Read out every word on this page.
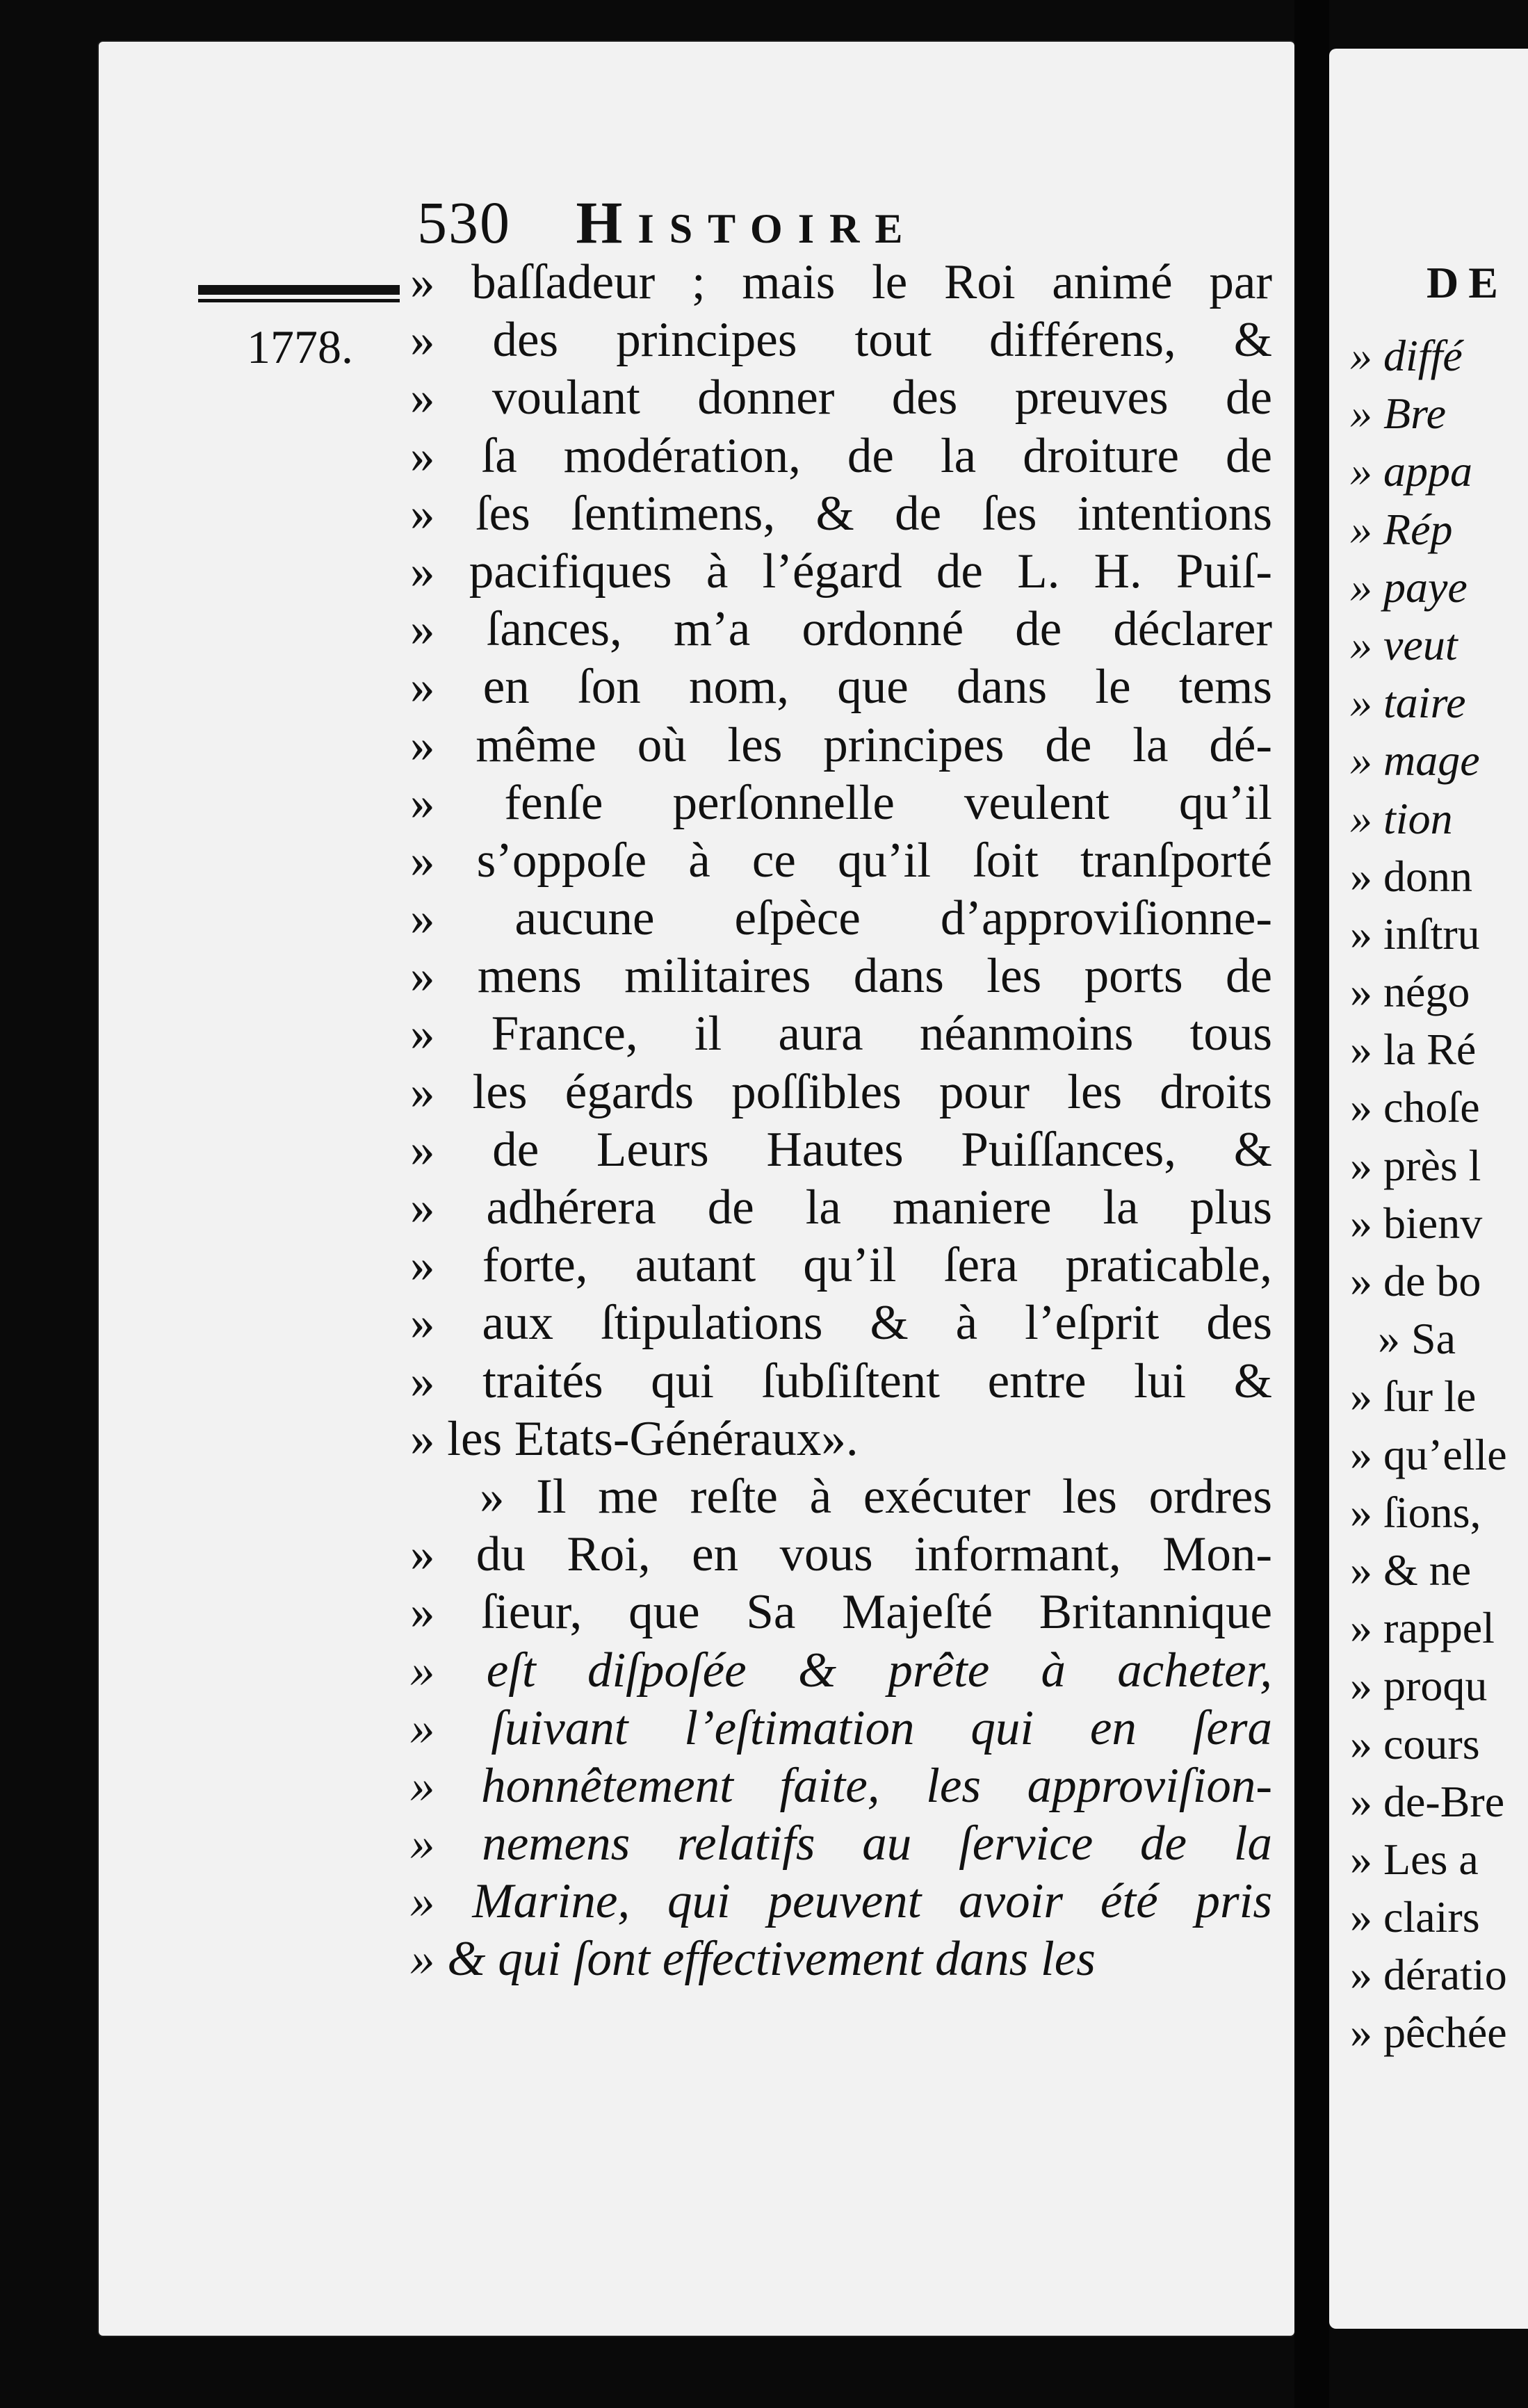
DE
» diffé
» Bre
» appa
» Rép
» paye
» veut
» taire
» mage
» tion
» donn
» inſtru
» négo
» la Ré
» choſe
» près l
» bienv
» de bo
» Sa
» ſur le
» qu’elle
» ſions,
» & ne
» rappel
» proqu
» cours
» de-Bre
» Les a
» clairs
» dératio
» pêchée
530 Histoire
1778.
» baſſadeur ; mais le Roi animé par
» des principes tout différens, &
» voulant donner des preuves de
» ſa modération, de la droiture de
» ſes ſentimens, & de ſes intentions
» pacifiques à l’égard de L. H. Puiſ-
» ſances, m’a ordonné de déclarer
» en ſon nom, que dans le tems
» même où les principes de la dé-
» fenſe perſonnelle veulent qu’il
» s’oppoſe à ce qu’il ſoit tranſporté
» aucune eſpèce d’approviſionne-
» mens militaires dans les ports de
» France, il aura néanmoins tous
» les égards poſſibles pour les droits
» de Leurs Hautes Puiſſances, &
» adhérera de la maniere la plus
» forte, autant qu’il ſera praticable,
» aux ſtipulations & à l’eſprit des
» traités qui ſubſiſtent entre lui &
» les Etats-Généraux».
» Il me reſte à exécuter les ordres
» du Roi, en vous informant, Mon-
» ſieur, que Sa Majeſté Britannique
» eſt diſpoſée & prête à acheter,
» ſuivant l’eſtimation qui en ſera
» honnêtement faite, les approviſion-
» nemens relatifs au ſervice de la
» Marine, qui peuvent avoir été pris
» & qui ſont effectivement dans les
